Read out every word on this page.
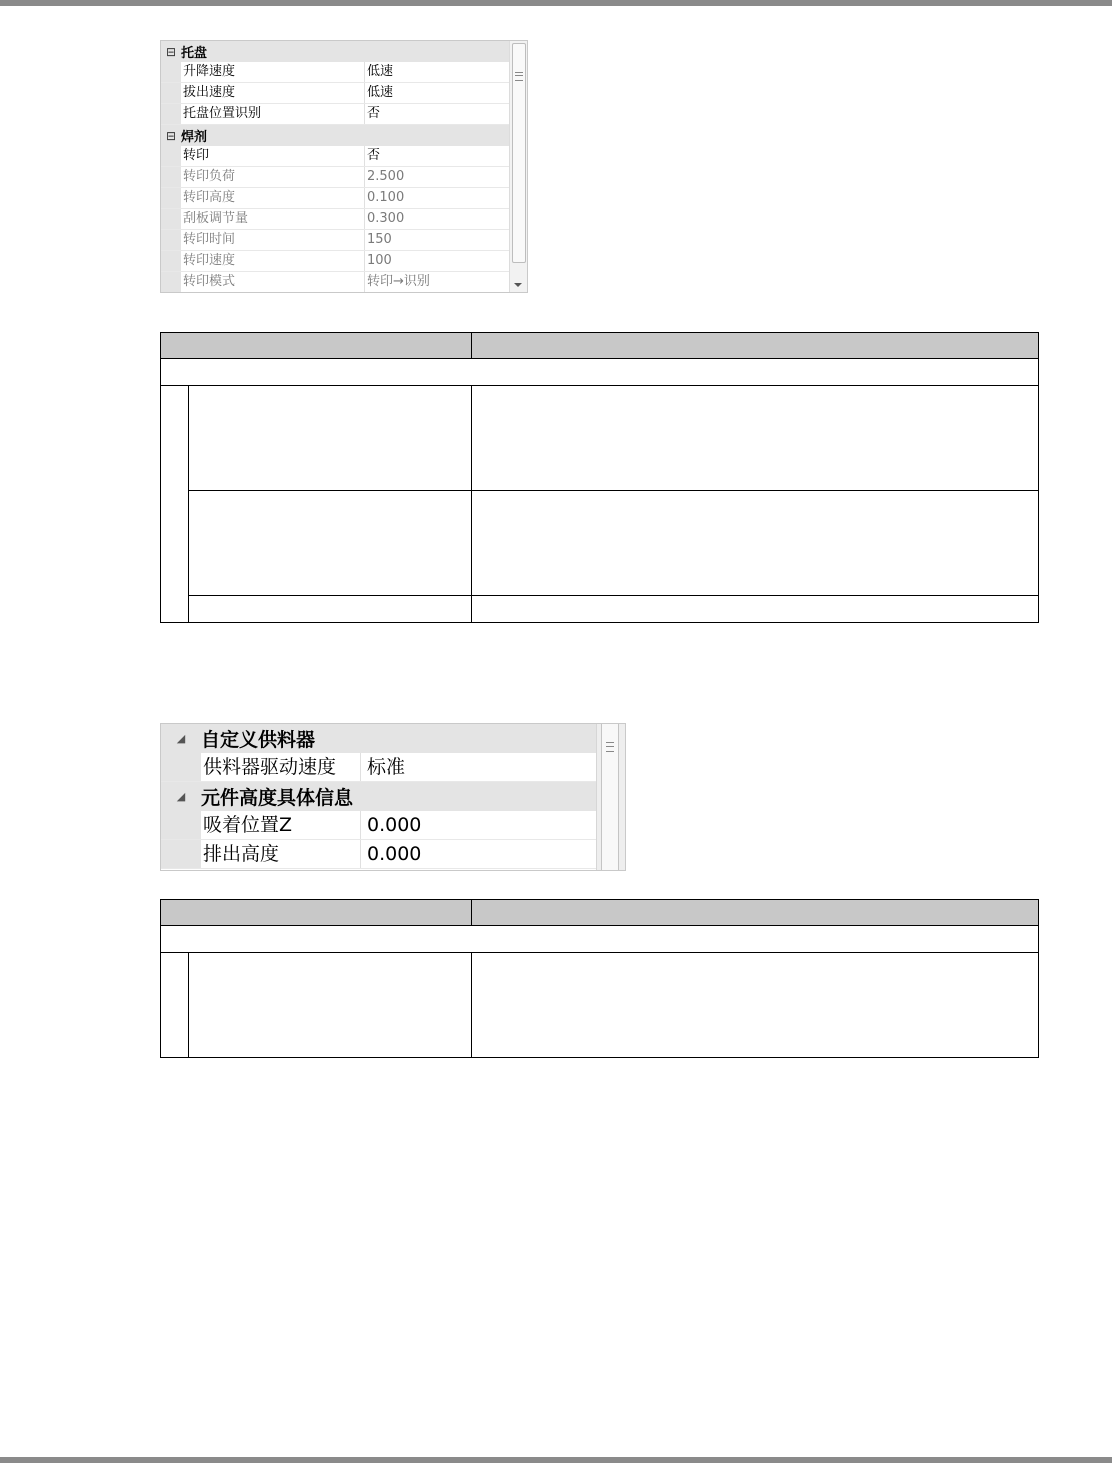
⊟ 托盘
升降速度	低速
拔出速度	低速
托盘位置识别	否
⊟ 焊剂
转印	否
转印负荷	2.500
转印高度	0.100
刮板调节量	0.300
转印时间	150
转印速度	100
转印模式	转印→识别
◢ 自定义供料器
供料器驱动速度	标准
◢ 元件高度具体信息
吸着位置Z	0.000
排出高度	0.000
